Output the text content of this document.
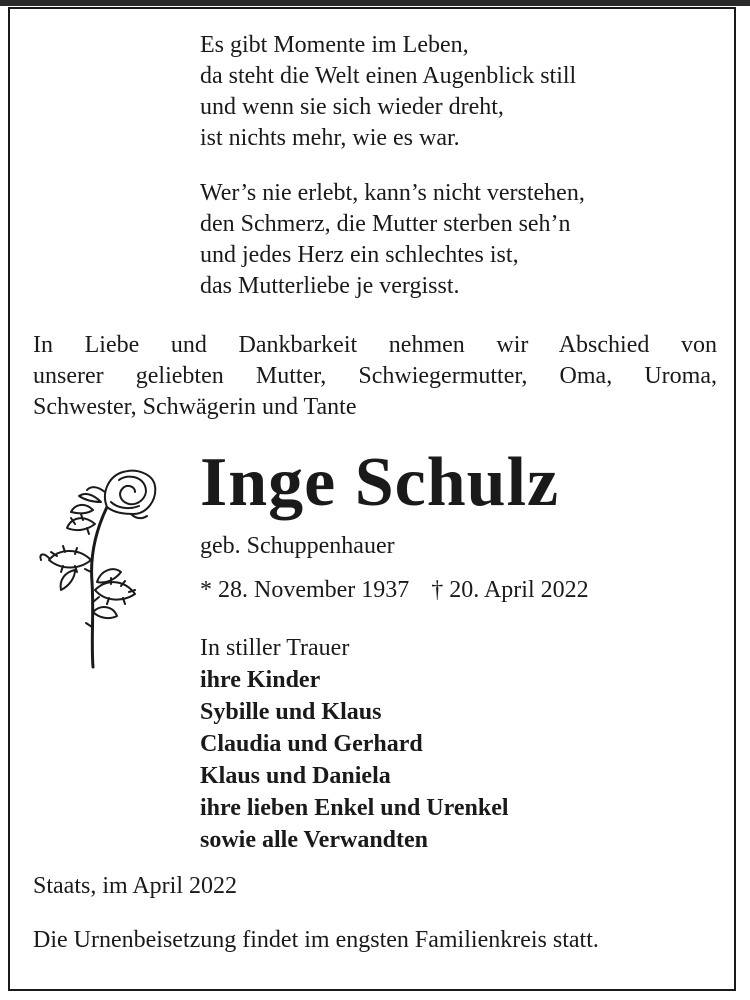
Es gibt Momente im Leben,
da steht die Welt einen Augenblick still
und wenn sie sich wieder dreht,
ist nichts mehr, wie es war.
Wer’s nie erlebt, kann’s nicht verstehen,
den Schmerz, die Mutter sterben seh’n
und jedes Herz ein schlechtes ist,
das Mutterliebe je vergisst.
In Liebe und Dankbarkeit nehmen wir Abschied von
unserer geliebten Mutter, Schwiegermutter, Oma, Uroma,
Schwester, Schwägerin und Tante
Inge Schulz
geb. Schuppenhauer
* 28. November 1937 † 20. April 2022
In stiller Trauer
ihre Kinder
Sybille und Klaus
Claudia und Gerhard
Klaus und Daniela
ihre lieben Enkel und Urenkel
sowie alle Verwandten
Staats, im April 2022
Die Urnenbeisetzung findet im engsten Familienkreis statt.
